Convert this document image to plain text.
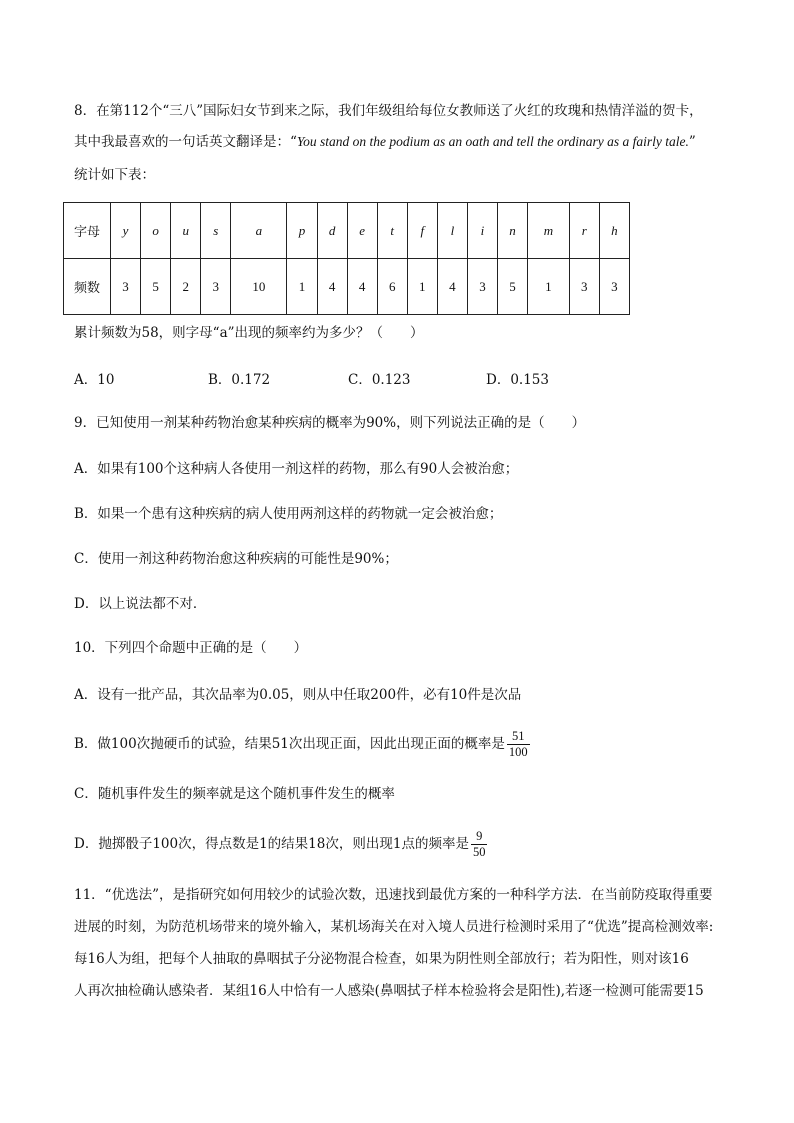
8．在第112个“三八”国际妇女节到来之际，我们年级组给每位女教师送了火红的玫瑰和热情洋溢的贺卡，
其中我最喜欢的一句话英文翻译是：“You stand on the podium as an oath and tell the ordinary as a fairly tale.”
统计如下表：
字母	y	o	u	s	a	p	d	e	t	f	l	i	n	m	r	h
频数	3	5	2	3	10	1	4	4	6	1	4	3	5	1	3	3
累计频数为58，则字母“a”出现的频率约为多少？（　　）
A．10	B．0.172	C．0.123	D．0.153
9．已知使用一剂某种药物治愈某种疾病的概率为90%，则下列说法正确的是（　　）
A．如果有100个这种病人各使用一剂这样的药物，那么有90人会被治愈；
B．如果一个患有这种疾病的病人使用两剂这样的药物就一定会被治愈；
C．使用一剂这种药物治愈这种疾病的可能性是90%；
D．以上说法都不对．
10．下列四个命题中正确的是（　　）
A．设有一批产品，其次品率为0.05，则从中任取200件，必有10件是次品
B．做100次抛硬币的试验，结果51次出现正面，因此出现正面的概率是 $\frac{51}{100}$
C．随机事件发生的频率就是这个随机事件发生的概率
D．抛掷骰子100次，得点数是1的结果18次，则出现1点的频率是 $\frac{9}{50}$
11．“优选法”，是指研究如何用较少的试验次数，迅速找到最优方案的一种科学方法．在当前防疫取得重要
进展的时刻，为防范机场带来的境外输入，某机场海关在对入境人员进行检测时采用了“优选”提高检测效率:
每16人为组，把每个人抽取的鼻咽拭子分泌物混合检查，如果为阴性则全部放行；若为阳性，则对该16
人再次抽检确认感染者．某组16人中恰有一人感染(鼻咽拭子样本检验将会是阳性),若逐一检测可能需要15
